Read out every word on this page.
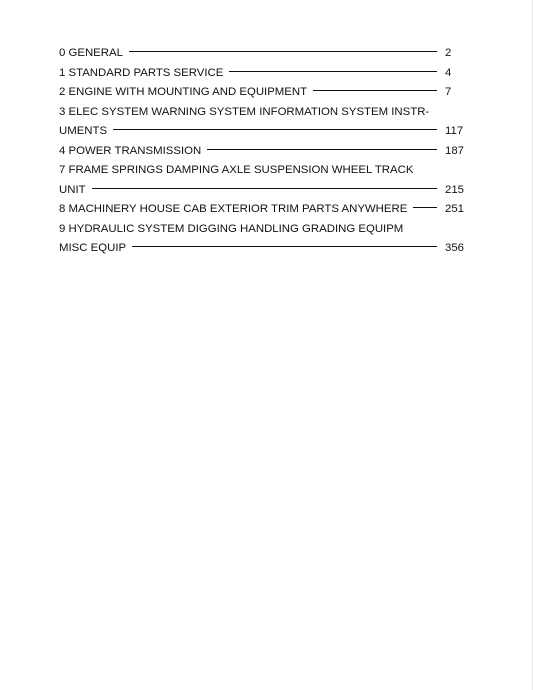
0 GENERAL	2
1 STANDARD PARTS SERVICE	4
2 ENGINE WITH MOUNTING AND EQUIPMENT	7
3 ELEC SYSTEM WARNING SYSTEM INFORMATION SYSTEM INSTR-
UMENTS	117
4 POWER TRANSMISSION	187
7 FRAME SPRINGS DAMPING AXLE SUSPENSION WHEEL TRACK
UNIT	215
8 MACHINERY HOUSE CAB EXTERIOR TRIM PARTS ANYWHERE	251
9 HYDRAULIC SYSTEM DIGGING HANDLING GRADING EQUIPM
MISC EQUIP	356
